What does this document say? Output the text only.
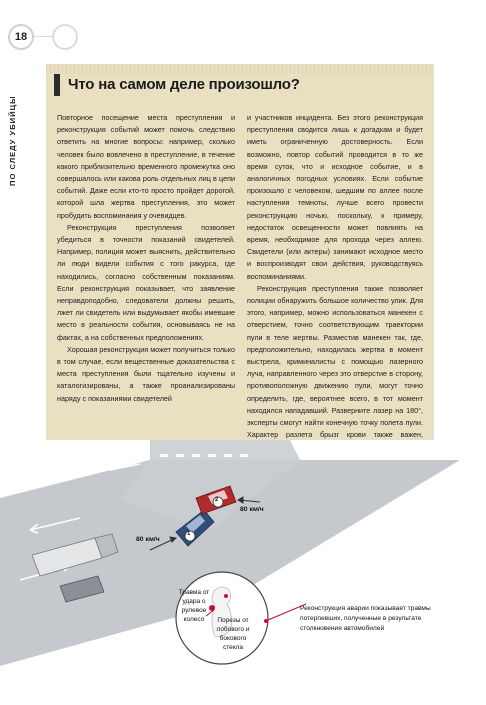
18
ПО СЛЕДУ УБИЙЦЫ
Что на самом деле произошло?

Повторное посещение места преступления и реконструкция событий может помочь следствию ответить на многие вопросы: например, сколько человек было вовлечено в преступление, в течение какого приблизительно временного промежутка оно совершалось или какова роль отдельных лиц в цепи событий. Даже если кто-то просто пройдет дорогой, которой шла жертва преступления, это может пробудить воспоминания у очевидцев.

Реконструкция преступления позволяет убедиться в точности показаний свидетелей. Например, полиция может выяснить, действительно ли люди видели события с того ракурса, где находились, согласно собственным показаниям. Если реконструкция показывает, что заявление неправдоподобно, следователи должны решить, лжет ли свидетель или выдумывает якобы имевшие место в реальности события, основываясь не на фактах, а на собственных предположениях.

Хорошая реконструкция может получиться только в том случае, если вещественные доказательства с места преступления были тщательно изучены и каталогизированы, а также проанализированы наряду с показаниями свидетелей

и участников инцидента. Без этого реконструкция преступления сводится лишь к догадкам и будет иметь ограниченную достоверность. Если возможно, повтор событий проводится в то же время суток, что и исходное событие, и в аналогичных погодных условиях. Если событие произошло с человеком, шедшим по аллее после наступления темноты, лучше всего провести реконструкцию ночью, поскольку, к примеру, недостаток освещенности может повлиять на время, необходимое для прохода через аллею. Свидетели (или актеры) занимают исходное место и воспроизводят свои действия, руководствуясь воспоминаниями.

Реконструкция преступления также позволяет полиции обнаружить большое количество улик. Для этого, например, можно использоваться манекен с отверстием, точно соответствующим траектории пули в теле жертвы. Разместив манекен так, где, предположительно, находилась жертва в момент выстрела, криминалисты с помощью лазерного луча, направленного через это отверстие в сторону, противоположную движению пули, могут точно определить, где, вероятнее всего, в тот момент находился нападавший. Разверните лазер на 180°, эксперты смогут найти конечную точку полета пули. Характер разлета брызг крови также важен,

80 км/ч
80 км/ч
1
2
Травма от удара о рулевое колесо	Порезы от лобового и бокового стекла
Реконструкция аварии показывает травмы потерпевших, полученные в результате столкновения автомобилей
